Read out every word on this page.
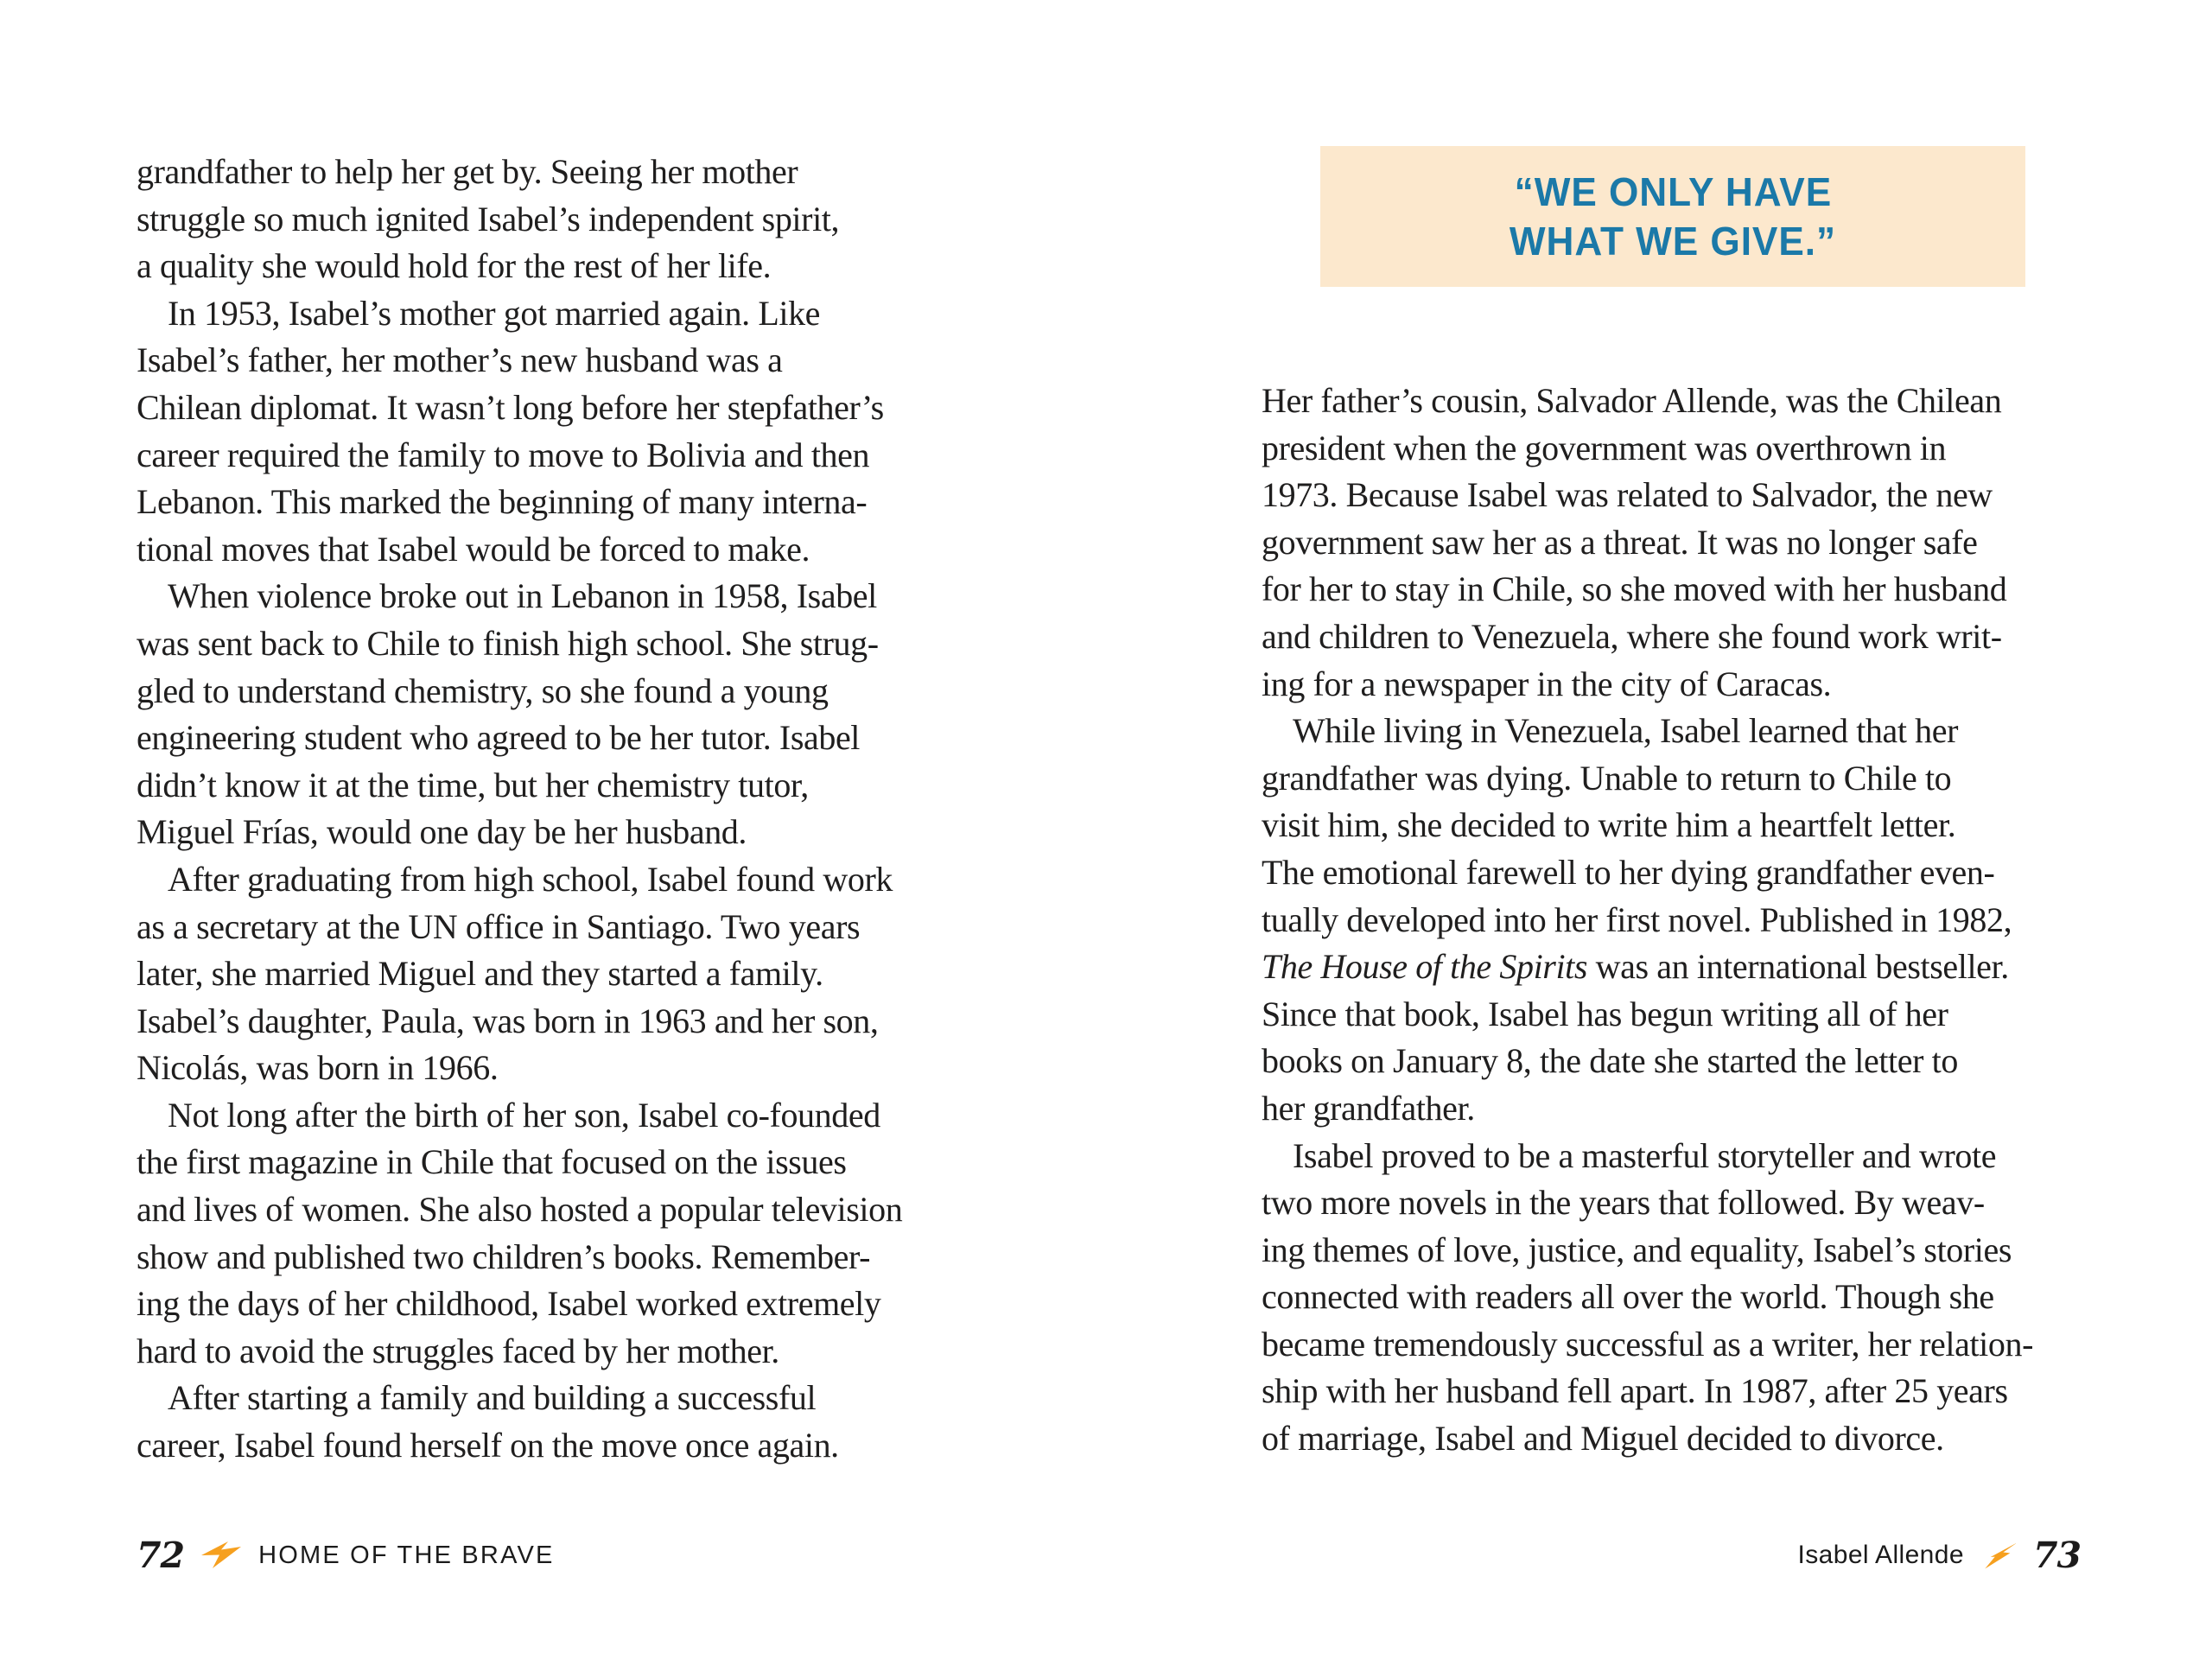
grandfather to help her get by. Seeing her mother
struggle so much ignited Isabel’s independent spirit,
a quality she would hold for the rest of her life.
In 1953, Isabel’s mother got married again. Like
Isabel’s father, her mother’s new husband was a
Chilean diplomat. It wasn’t long before her stepfather’s
career required the family to move to Bolivia and then
Lebanon. This marked the beginning of many interna-
tional moves that Isabel would be forced to make.
When violence broke out in Lebanon in 1958, Isabel
was sent back to Chile to finish high school. She strug-
gled to understand chemistry, so she found a young
engineering student who agreed to be her tutor. Isabel
didn’t know it at the time, but her chemistry tutor,
Miguel Frías, would one day be her husband.
After graduating from high school, Isabel found work
as a secretary at the UN office in Santiago. Two years
later, she married Miguel and they started a family.
Isabel’s daughter, Paula, was born in 1963 and her son,
Nicolás, was born in 1966.
Not long after the birth of her son, Isabel co-founded
the first magazine in Chile that focused on the issues
and lives of women. She also hosted a popular television
show and published two children’s books. Remember-
ing the days of her childhood, Isabel worked extremely
hard to avoid the struggles faced by her mother.
After starting a family and building a successful
career, Isabel found herself on the move once again.
72	HOME OF THE BRAVE
“WE ONLY HAVE
WHAT WE GIVE.”
Her father’s cousin, Salvador Allende, was the Chilean
president when the government was overthrown in
1973. Because Isabel was related to Salvador, the new
government saw her as a threat. It was no longer safe
for her to stay in Chile, so she moved with her husband
and children to Venezuela, where she found work writ-
ing for a newspaper in the city of Caracas.
While living in Venezuela, Isabel learned that her
grandfather was dying. Unable to return to Chile to
visit him, she decided to write him a heartfelt letter.
The emotional farewell to her dying grandfather even-
tually developed into her first novel. Published in 1982,
The House of the Spirits was an international bestseller.
Since that book, Isabel has begun writing all of her
books on January 8, the date she started the letter to
her grandfather.
Isabel proved to be a masterful storyteller and wrote
two more novels in the years that followed. By weav-
ing themes of love, justice, and equality, Isabel’s stories
connected with readers all over the world. Though she
became tremendously successful as a writer, her relation-
ship with her husband fell apart. In 1987, after 25 years
of marriage, Isabel and Miguel decided to divorce.
Isabel Allende 73
